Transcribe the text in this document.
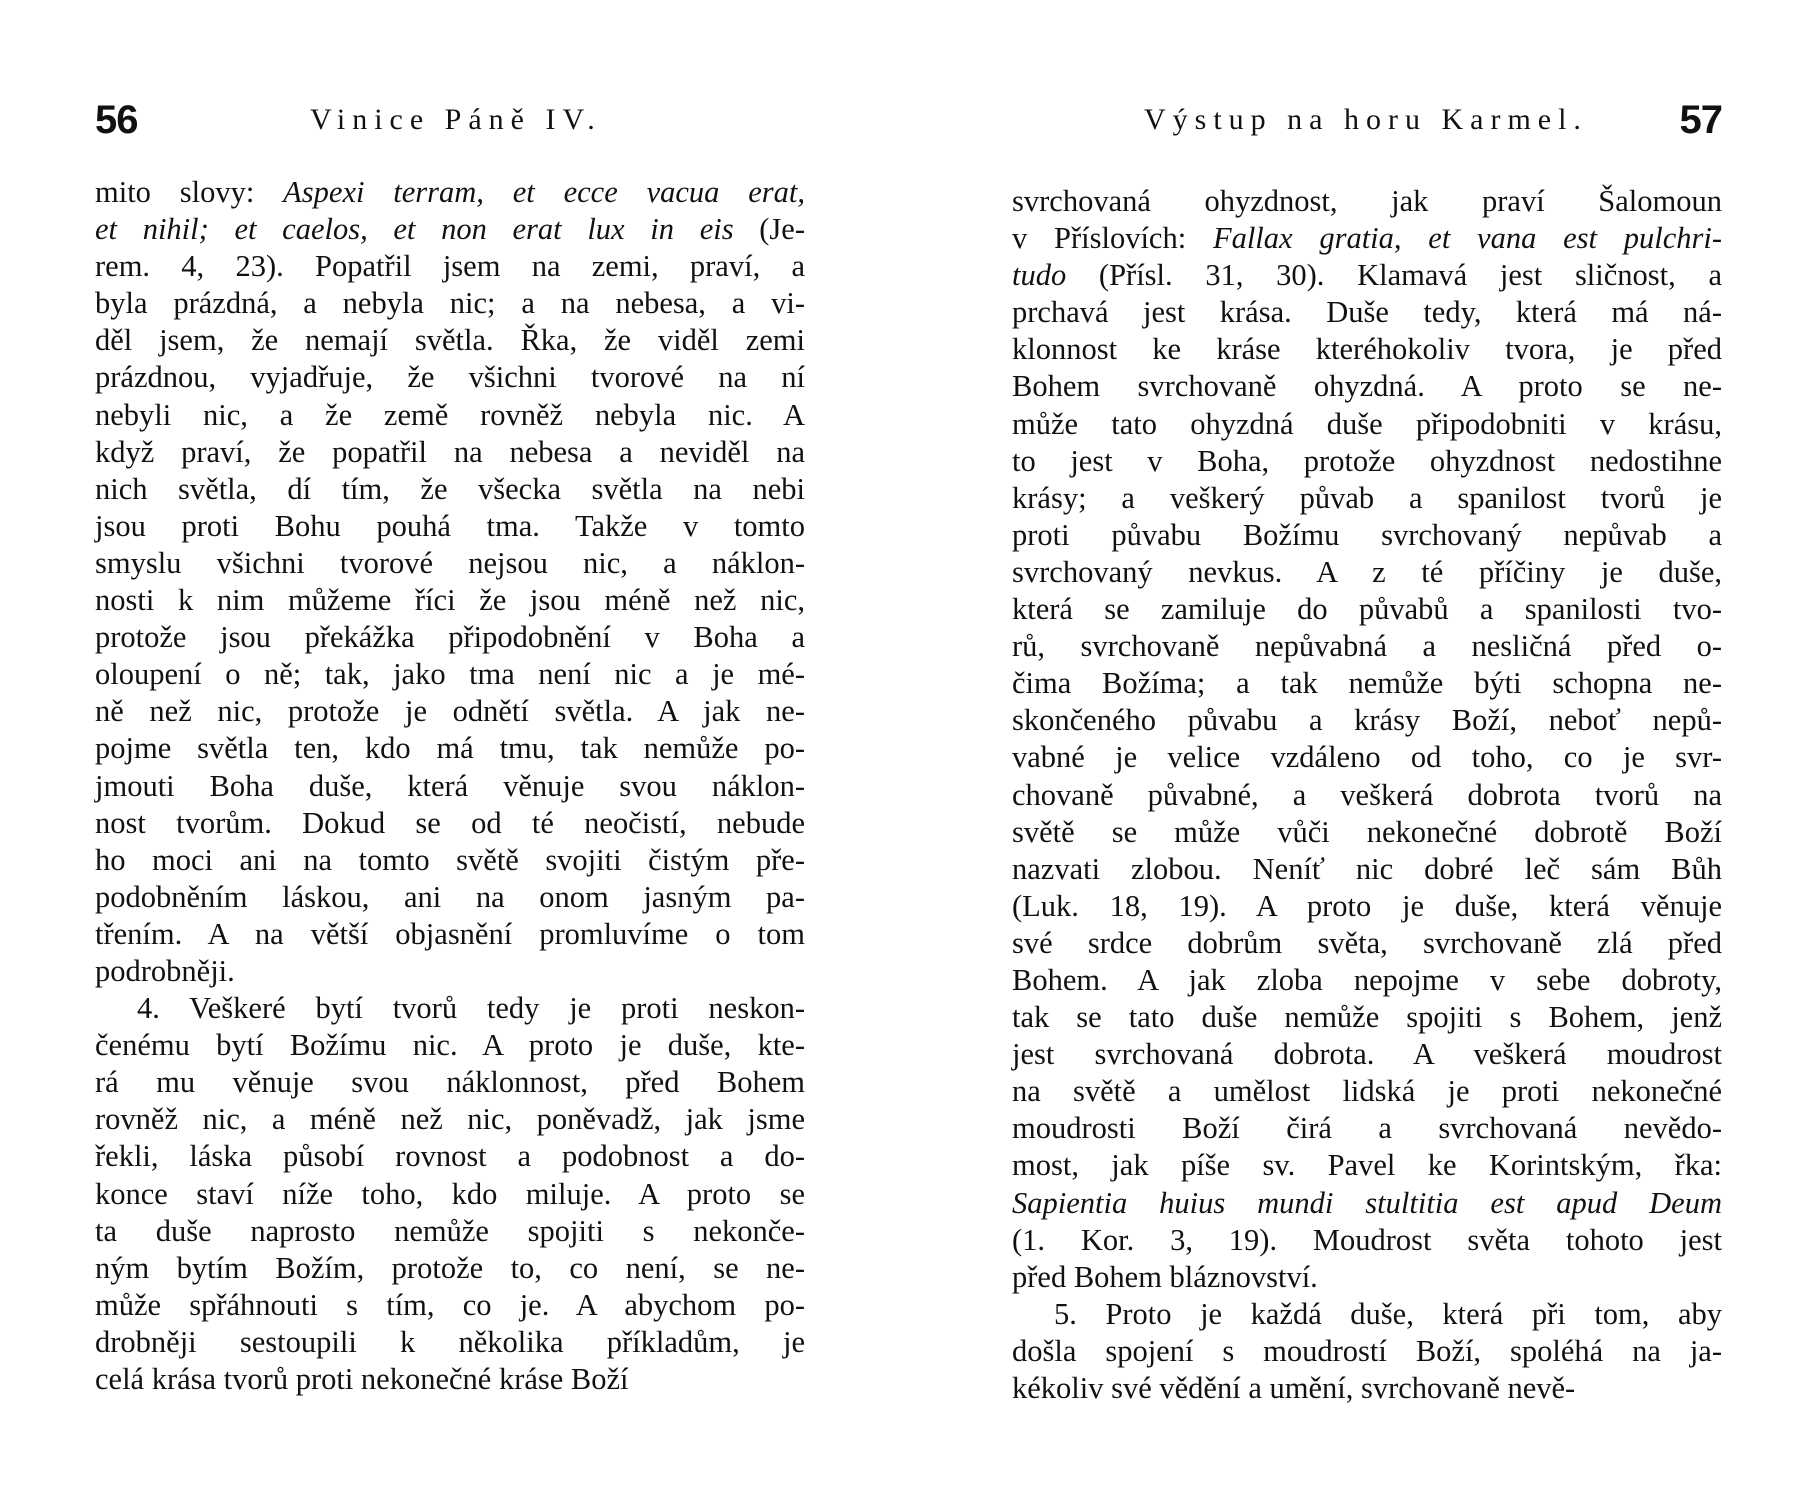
56	Vinice Páně IV.
mito slovy: Aspexi terram, et ecce vacua erat,
et nihil; et caelos, et non erat lux in eis (Je-
rem. 4, 23). Popatřil jsem na zemi, praví, a
byla prázdná, a nebyla nic; a na nebesa, a vi-
děl jsem, že nemají světla. Řka, že viděl zemi
prázdnou, vyjadřuje, že všichni tvorové na ní
nebyli nic, a že země rovněž nebyla nic. A
když praví, že popatřil na nebesa a neviděl na
nich světla, dí tím, že všecka světla na nebi
jsou proti Bohu pouhá tma. Takže v tomto
smyslu všichni tvorové nejsou nic, a náklon-
nosti k nim můžeme říci že jsou méně než nic,
protože jsou překážka připodobnění v Boha a
oloupení o ně; tak, jako tma není nic a je mé-
ně než nic, protože je odnětí světla. A jak ne-
pojme světla ten, kdo má tmu, tak nemůže po-
jmouti Boha duše, která věnuje svou náklon-
nost tvorům. Dokud se od té neočistí, nebude
ho moci ani na tomto světě svojiti čistým pře-
podobněním láskou, ani na onom jasným pa-
třením. A na větší objasnění promluvíme o tom
podrobněji.
4. Veškeré bytí tvorů tedy je proti neskon-
čenému bytí Božímu nic. A proto je duše, kte-
rá mu věnuje svou náklonnost, před Bohem
rovněž nic, a méně než nic, poněvadž, jak jsme
řekli, láska působí rovnost a podobnost a do-
konce staví níže toho, kdo miluje. A proto se
ta duše naprosto nemůže spojiti s nekonče-
ným bytím Božím, protože to, co není, se ne-
může spřáhnouti s tím, co je. A abychom po-
drobněji sestoupili k několika příkladům, je
celá krása tvorů proti nekonečné kráse Boží
Výstup na horu Karmel. 57
svrchovaná ohyzdnost, jak praví Šalomoun
v Příslovích: Fallax gratia, et vana est pulchri-
tudo (Přísl. 31, 30). Klamavá jest sličnost, a
prchavá jest krása. Duše tedy, která má ná-
klonnost ke kráse kteréhokoliv tvora, je před
Bohem svrchovaně ohyzdná. A proto se ne-
může tato ohyzdná duše připodobniti v krásu,
to jest v Boha, protože ohyzdnost nedostihne
krásy; a veškerý půvab a spanilost tvorů je
proti půvabu Božímu svrchovaný nepůvab a
svrchovaný nevkus. A z té příčiny je duše,
která se zamiluje do půvabů a spanilosti tvo-
rů, svrchovaně nepůvabná a nesličná před o-
čima Božíma; a tak nemůže býti schopna ne-
skončeného půvabu a krásy Boží, neboť nepů-
vabné je velice vzdáleno od toho, co je svr-
chovaně půvabné, a veškerá dobrota tvorů na
světě se může vůči nekonečné dobrotě Boží
nazvati zlobou. Neníť nic dobré leč sám Bůh
(Luk. 18, 19). A proto je duše, která věnuje
své srdce dobrům světa, svrchovaně zlá před
Bohem. A jak zloba nepojme v sebe dobroty,
tak se tato duše nemůže spojiti s Bohem, jenž
jest svrchovaná dobrota. A veškerá moudrost
na světě a umělost lidská je proti nekonečné
moudrosti Boží čirá a svrchovaná nevědo-
most, jak píše sv. Pavel ke Korintským, řka:
Sapientia huius mundi stultitia est apud Deum
(1. Kor. 3, 19). Moudrost světa tohoto jest
před Bohem bláznovství.
5. Proto je každá duše, která při tom, aby
došla spojení s moudrostí Boží, spoléhá na ja-
kékoliv své vědění a umění, svrchovaně nevě-
